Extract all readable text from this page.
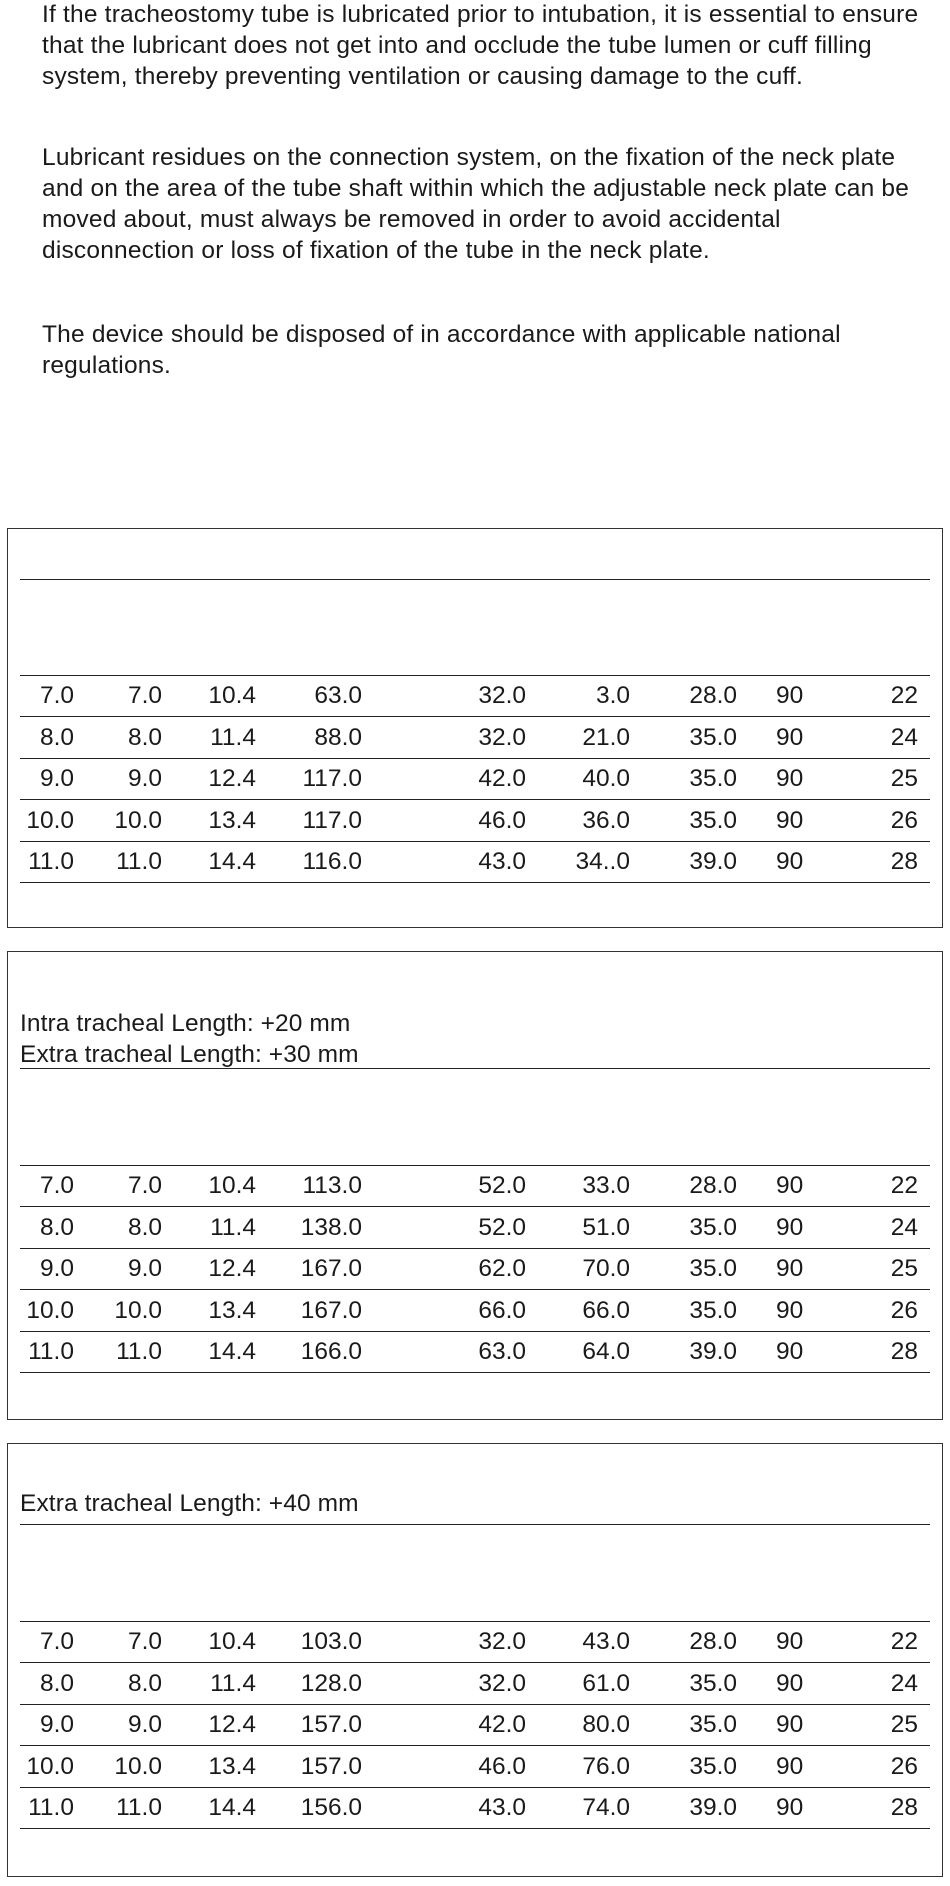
If the tracheostomy tube is lubricated prior to intubation, it is essential to ensure that the lubricant does not get into and occlude the tube lumen or cuff filling system, thereby preventing ventilation or causing damage to the cuff.

Lubricant residues on the connection system, on the fixation of the neck plate and on the area of the tube shaft within which the adjustable neck plate can be moved about, must always be removed in order to avoid accidental disconnection or loss of fixation of the tube in the neck plate.

The device should be disposed of in accordance with applicable national regulations.

7.0	7.0	10.4	63.0	32.0	3.0	28.0 90	22
8.0	8.0	11.4	88.0	32.0	21.0	35.0 90	24
9.0	9.0	12.4	117.0	42.0	40.0	35.0 90	25
10.0	10.0	13.4	117.0	46.0	36.0	35.0 90	26
11.0	11.0	14.4	116.0	43.0	34..0	39.0 90	28

Intra tracheal Length: +20 mm

Extra tracheal Length: +30 mm

7.0	7.0	10.4	113.0	52.0	33.0	28.0 90	22
8.0	8.0	11.4	138.0	52.0	51.0	35.0 90	24
9.0	9.0	12.4	167.0	62.0	70.0	35.0 90	25
10.0	10.0	13.4	167.0	66.0	66.0	35.0 90	26
11.0	11.0	14.4	166.0	63.0	64.0	39.0 90	28

Extra tracheal Length: +40 mm

7.0	7.0	10.4	103.0	32.0	43.0	28.0 90	22
8.0	8.0	11.4	128.0	32.0	61.0	35.0 90	24
9.0	9.0	12.4	157.0	42.0	80.0	35.0 90	25
10.0	10.0	13.4	157.0	46.0	76.0	35.0 90	26
11.0	11.0	14.4	156.0	43.0	74.0	39.0 90	28
